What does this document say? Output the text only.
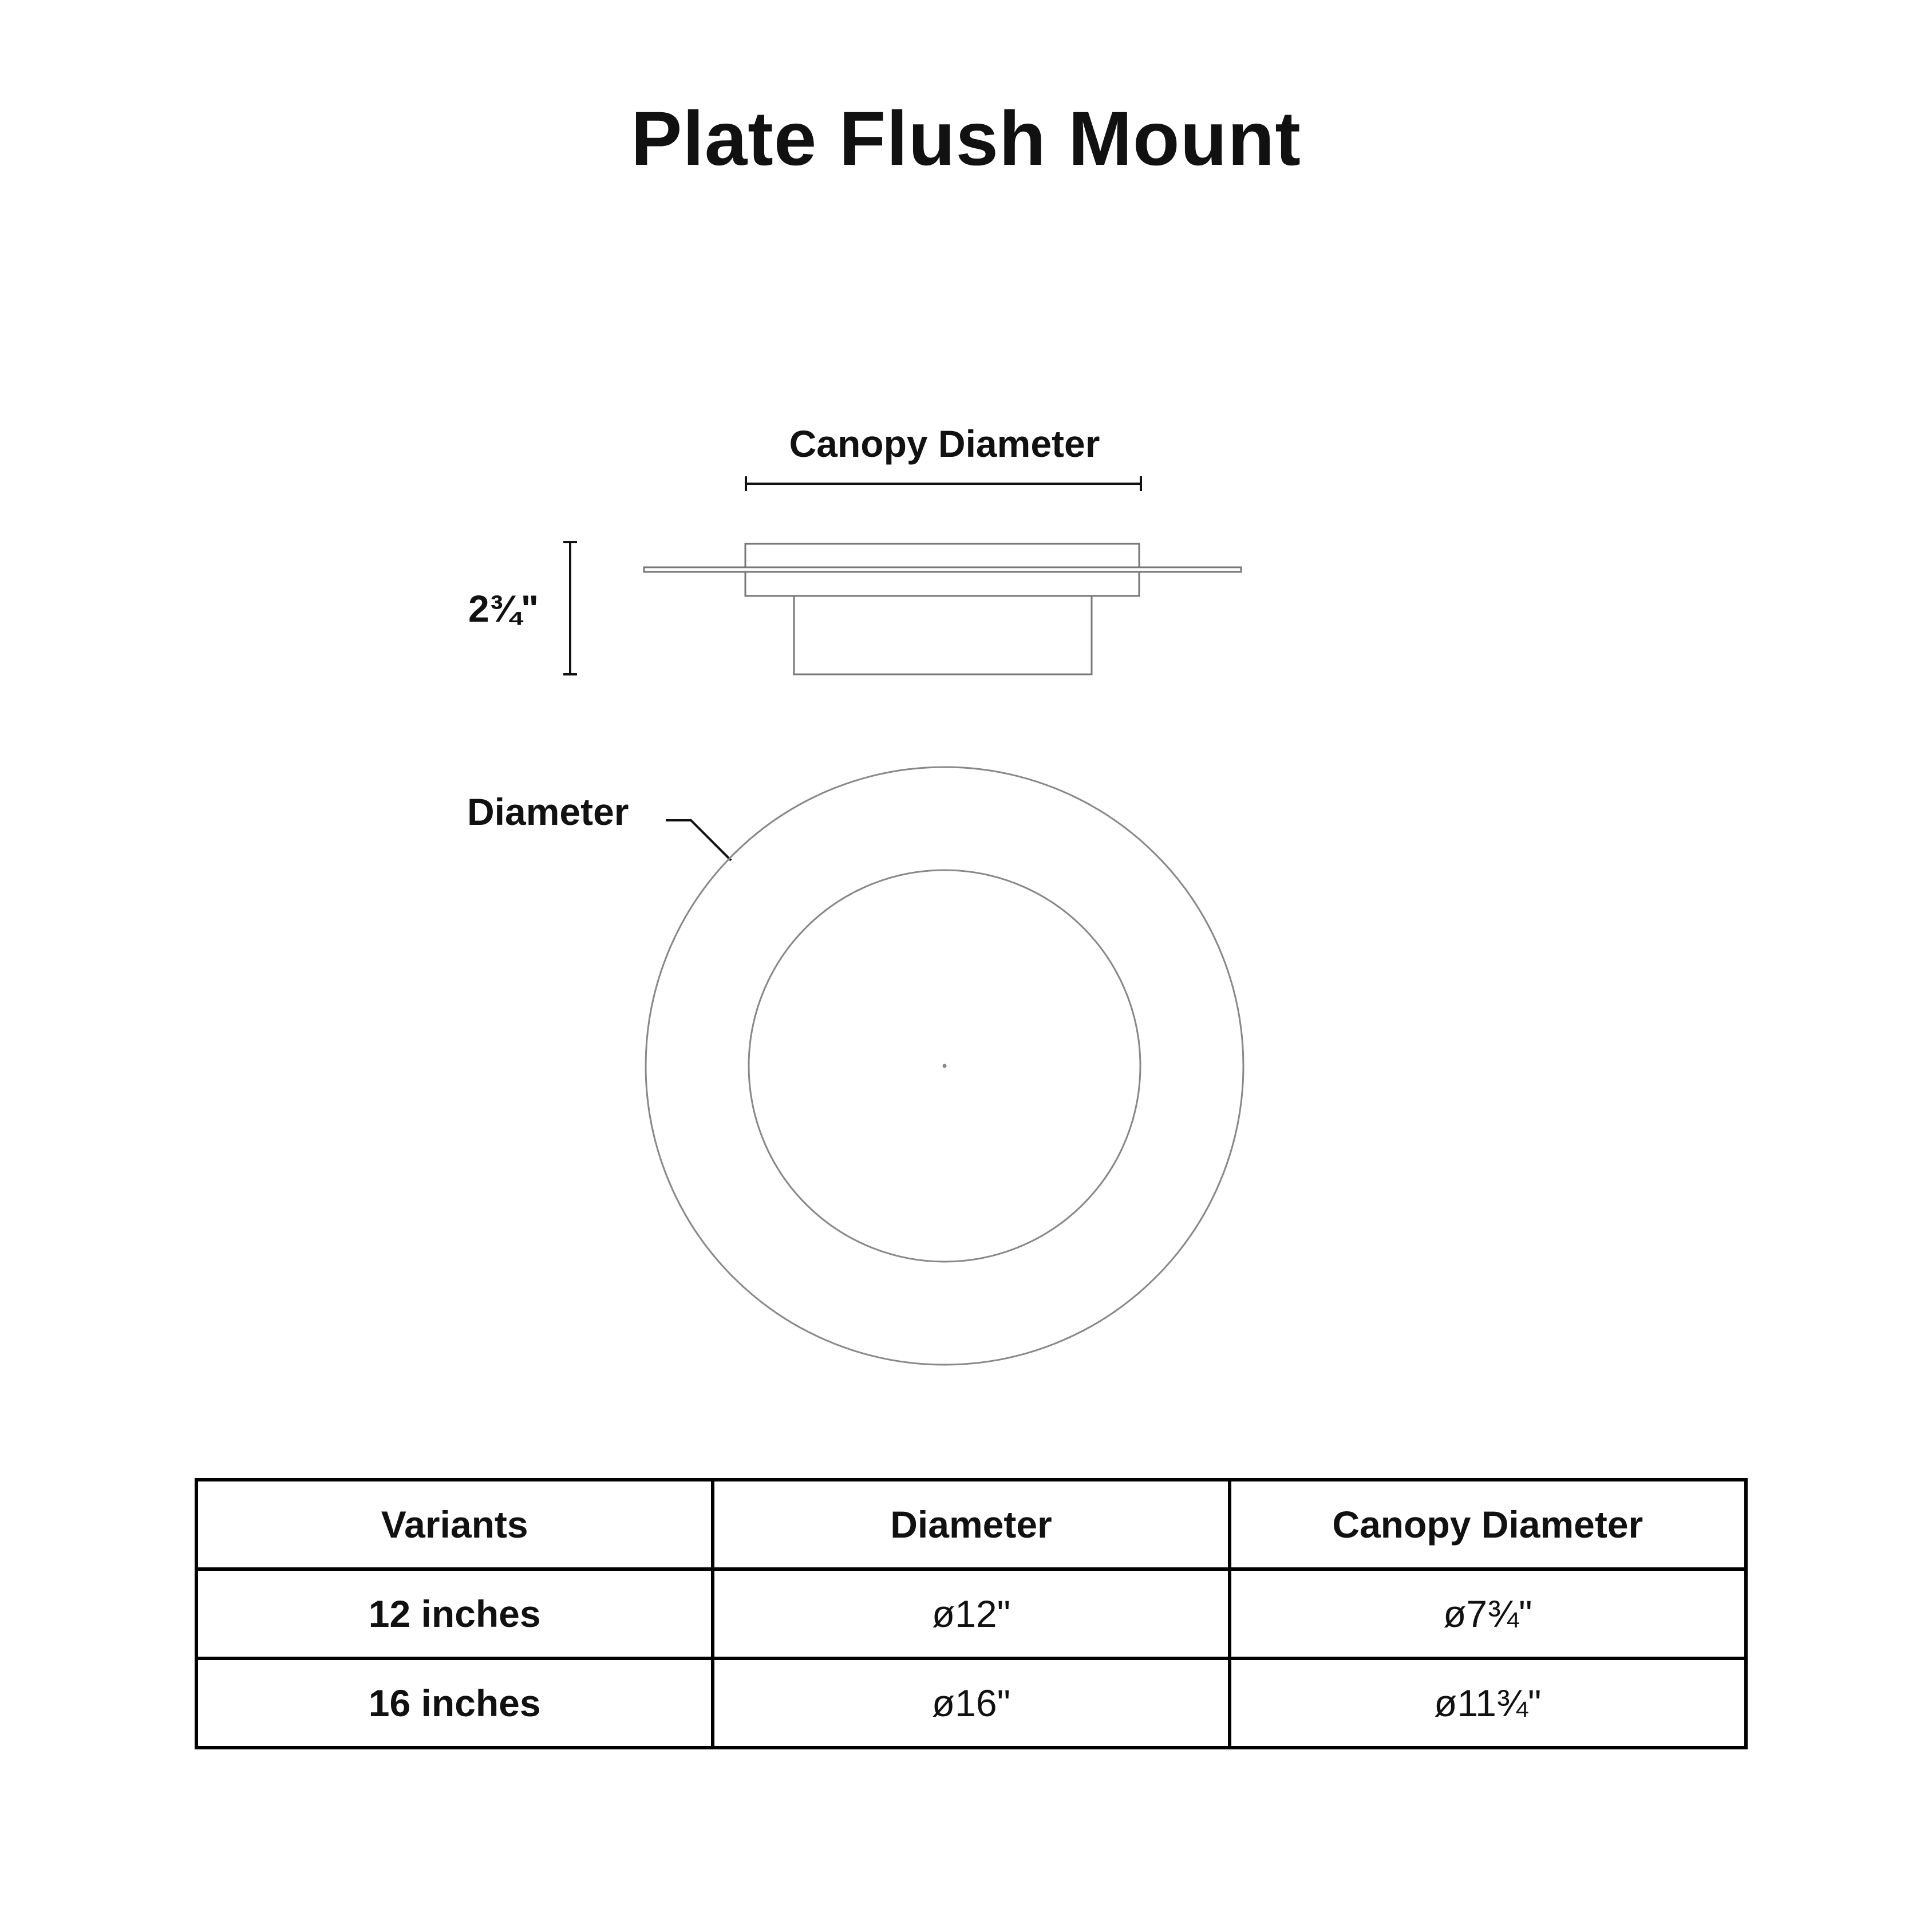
Plate Flush Mount
Canopy Diameter
2¾"
Diameter
Variants	Diameter	Canopy Diameter
12 inches	ø12"	ø7¾"
16 inches	ø16"	ø11¾"
